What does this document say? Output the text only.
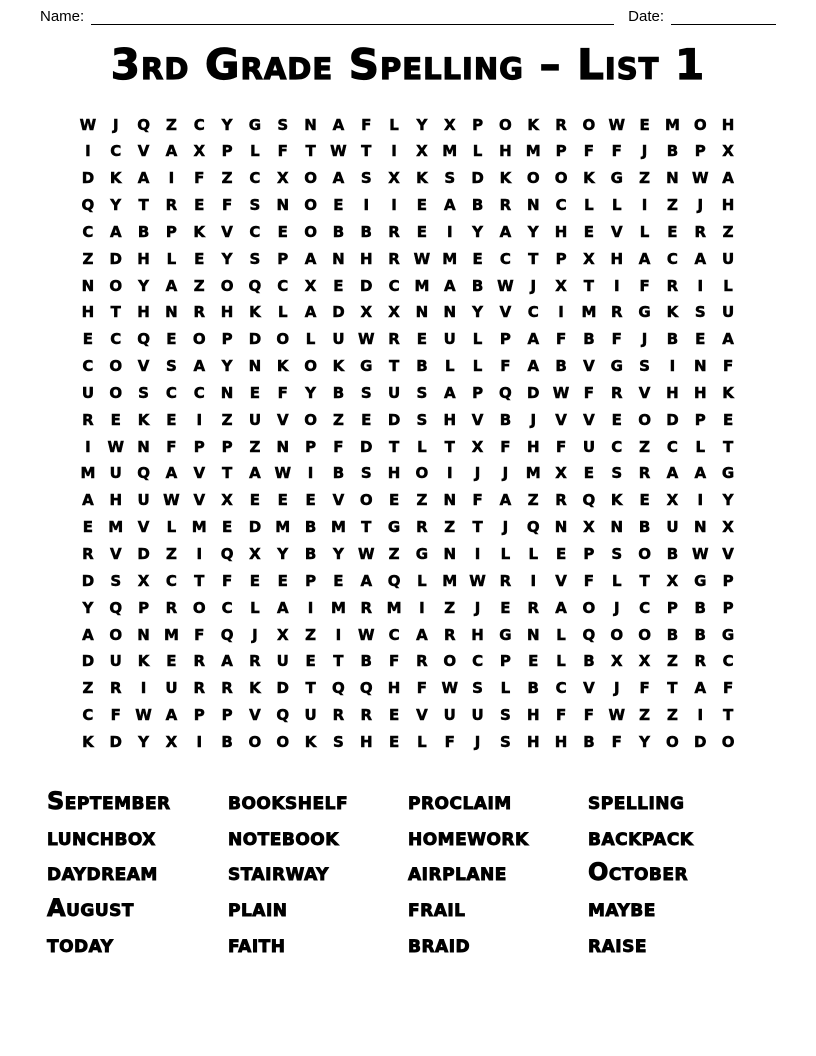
Name:	Date:
3rd Grade Spelling – List 1
W J Q Z C Y G S N A F L Y X P O K R O W E M O H
I C V A X P L F T W T I X M L H M P F F J B P X
D K A I F Z C X O A S X K S D K O O K G Z N W A
Q Y T R E F S N O E I I E A B R N C L L I Z J H
C A B P K V C E O B B R E I Y A Y H E V L E R Z
Z D H L E Y S P A N H R W M E C T P X H A C A U
N O Y A Z O Q C X E D C M A B W J X T I F R I L
H T H N R H K L A D X X N N Y V C I M R G K S U
E C Q E O P D O L U W R E U L P A F B F J B E A
C O V S A Y N K O K G T B L L F A B V G S I N F
U O S C C N E F Y B S U S A P Q D W F R V H H K
R E K E I Z U V O Z E D S H V B J V V E O D P E
I W N F P P Z N P F D T L T X F H F U C Z C L T
M U Q A V T A W I B S H O I J J M X E S R A A G
A H U W V X E E E V O E Z N F A Z R Q K E X I Y
E M V L M E D M B M T G R Z T J Q N X N B U N X
R V D Z I Q X Y B Y W Z G N I L L E P S O B W V
D S X C T F E E P E A Q L M W R I V F L T X G P
Y Q P R O C L A I M R M I Z J E R A O J C P B P
A O N M F Q J X Z I W C A R H G N L Q O O B B G
D U K E R A R U E T B F R O C P E L B X X Z R C
Z R I U R R K D T Q Q H F W S L B C V J F T A F
C F W A P P V Q U R R E V U U S H F F W Z Z I T
K D Y X I B O O K S H E L F J S H H B F Y O D O
September	bookshelf	proclaim	spelling
lunchbox	notebook	homework	backpack
daydream	stairway	airplane	October
August	plain	frail	maybe
today	faith	braid	raise
